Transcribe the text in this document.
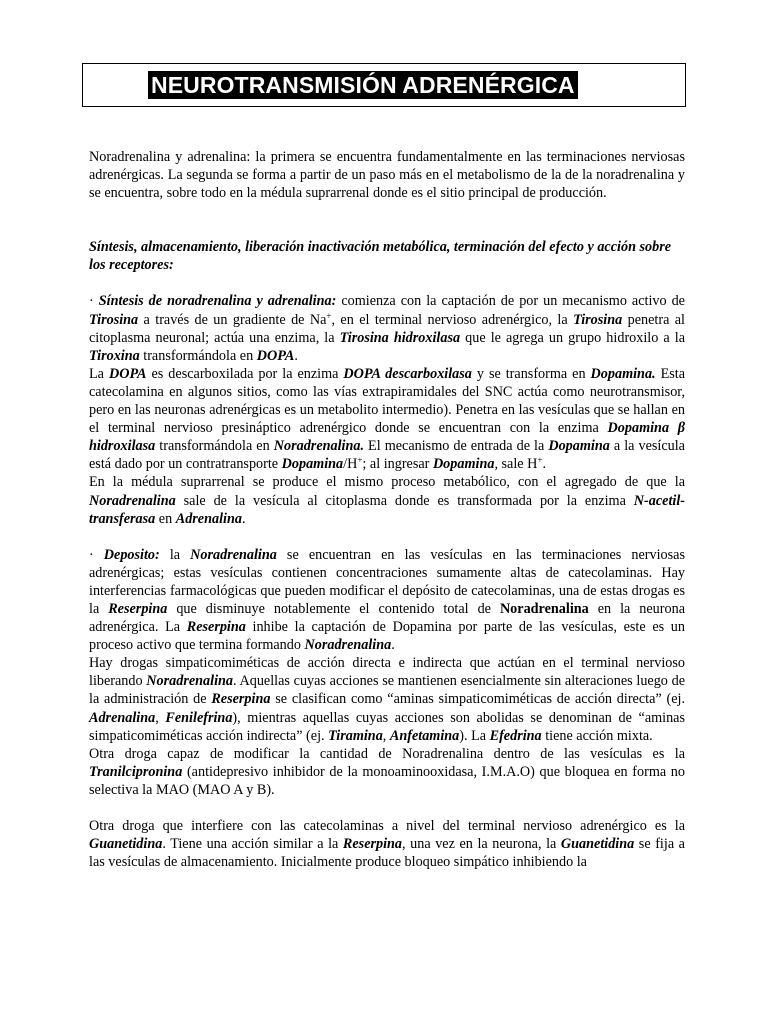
NEUROTRANSMISIÓN ADRENÉRGICA

Noradrenalina y adrenalina: la primera se encuentra fundamentalmente en las terminaciones nerviosas adrenérgicas. La segunda se forma a partir de un paso más en el metabolismo de la de la noradrenalina y se encuentra, sobre todo en la médula suprarrenal donde es el sitio principal de producción.

Síntesis, almacenamiento, liberación inactivación metabólica, terminación del efecto y acción sobre los receptores:

· Síntesis de noradrenalina y adrenalina: comienza con la captación de por un mecanismo activo de Tirosina a través de un gradiente de Na+, en el terminal nervioso adrenérgico, la Tirosina penetra al citoplasma neuronal; actúa una enzima, la Tirosina hidroxilasa que le agrega un grupo hidroxilo a la Tiroxina transformándola en DOPA.

La DOPA es descarboxilada por la enzima DOPA descarboxilasa y se transforma en Dopamina. Esta catecolamina en algunos sitios, como las vías extrapiramidales del SNC actúa como neurotransmisor, pero en las neuronas adrenérgicas es un metabolito intermedio). Penetra en las vesículas que se hallan en el terminal nervioso presináptico adrenérgico donde se encuentran con la enzima Dopamina β hidroxilasa transformándola en Noradrenalina. El mecanismo de entrada de la Dopamina a la vesícula está dado por un contratransporte Dopamina/H+; al ingresar Dopamina, sale H+.

En la médula suprarrenal se produce el mismo proceso metabólico, con el agregado de que la Noradrenalina sale de la vesícula al citoplasma donde es transformada por la enzima N-acetil-transferasa en Adrenalina.

· Deposito: la Noradrenalina se encuentran en las vesículas en las terminaciones nerviosas adrenérgicas; estas vesículas contienen concentraciones sumamente altas de catecolaminas. Hay interferencias farmacológicas que pueden modificar el depósito de catecolaminas, una de estas drogas es la Reserpina que disminuye notablemente el contenido total de Noradrenalina en la neurona adrenérgica. La Reserpina inhibe la captación de Dopamina por parte de las vesículas, este es un proceso activo que termina formando Noradrenalina.

Hay drogas simpaticomiméticas de acción directa e indirecta que actúan en el terminal nervioso liberando Noradrenalina. Aquellas cuyas acciones se mantienen esencialmente sin alteraciones luego de la administración de Reserpina se clasifican como “aminas simpaticomiméticas de acción directa” (ej. Adrenalina, Fenilefrina), mientras aquellas cuyas acciones son abolidas se denominan de “aminas simpaticomiméticas acción indirecta” (ej. Tiramina, Anfetamina). La Efedrina tiene acción mixta.

Otra droga capaz de modificar la cantidad de Noradrenalina dentro de las vesículas es la Tranilcipronina (antidepresivo inhibidor de la monoaminooxidasa, I.M.A.O) que bloquea en forma no selectiva la MAO (MAO A y B).

Otra droga que interfiere con las catecolaminas a nivel del terminal nervioso adrenérgico es la Guanetidina. Tiene una acción similar a la Reserpina, una vez en la neurona, la Guanetidina se fija a las vesículas de almacenamiento. Inicialmente produce bloqueo simpático inhibiendo la
